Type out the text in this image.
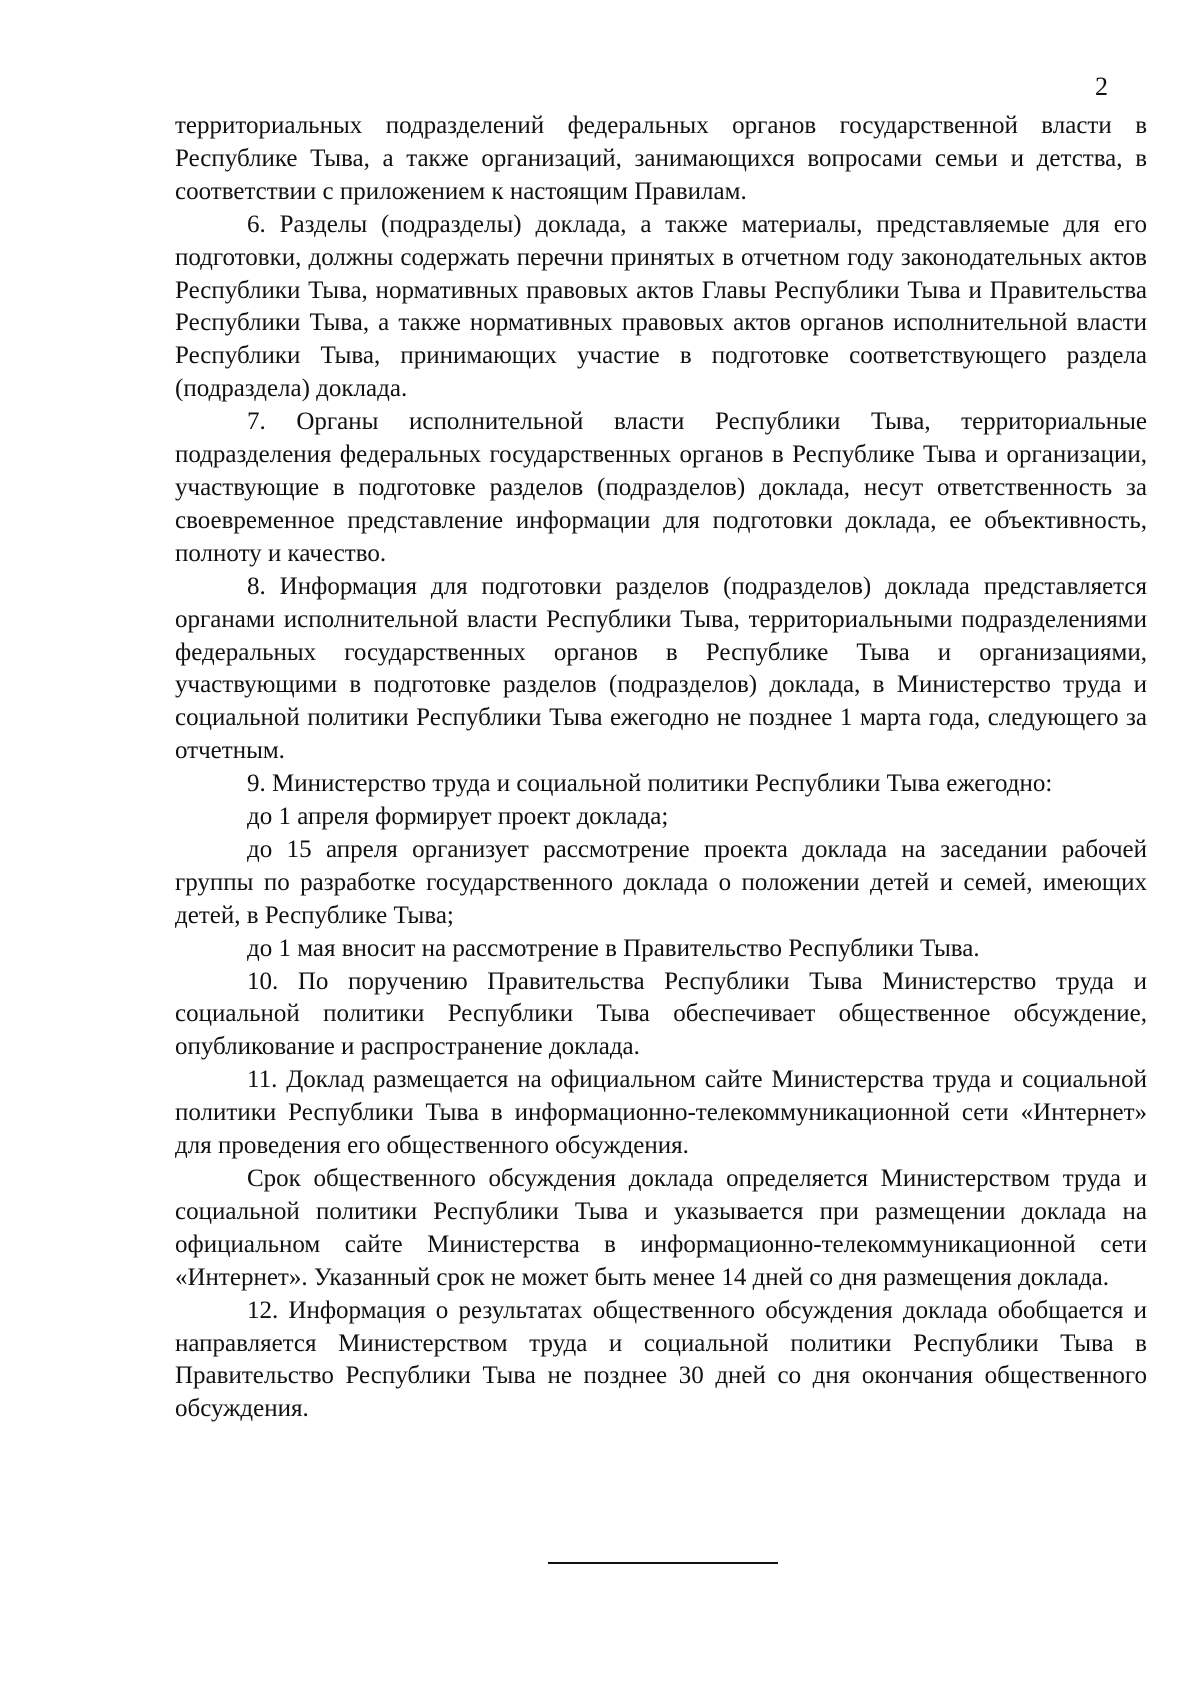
2

территориальных подразделений федеральных органов государственной власти в Республике Тыва, а также организаций, занимающихся вопросами семьи и детства, в соответствии с приложением к настоящим Правилам.

6. Разделы (подразделы) доклада, а также материалы, представляемые для его подготовки, должны содержать перечни принятых в отчетном году законодательных актов Республики Тыва, нормативных правовых актов Главы Республики Тыва и Правительства Республики Тыва, а также нормативных правовых актов органов исполнительной власти Республики Тыва, принимающих участие в подготовке соответствующего раздела (подраздела) доклада.

7. Органы исполнительной власти Республики Тыва, территориальные подразделения федеральных государственных органов в Республике Тыва и организации, участвующие в подготовке разделов (подразделов) доклада, несут ответственность за своевременное представление информации для подготовки доклада, ее объективность, полноту и качество.

8. Информация для подготовки разделов (подразделов) доклада представляется органами исполнительной власти Республики Тыва, территориальными подразделениями федеральных государственных органов в Республике Тыва и организациями, участвующими в подготовке разделов (подразделов) доклада, в Министерство труда и социальной политики Республики Тыва ежегодно не позднее 1 марта года, следующего за отчетным.

9. Министерство труда и социальной политики Республики Тыва ежегодно:

до 1 апреля формирует проект доклада;

до 15 апреля организует рассмотрение проекта доклада на заседании рабочей группы по разработке государственного доклада о положении детей и семей, имеющих детей, в Республике Тыва;

до 1 мая вносит на рассмотрение в Правительство Республики Тыва.

10. По поручению Правительства Республики Тыва Министерство труда и социальной политики Республики Тыва обеспечивает общественное обсуждение, опубликование и распространение доклада.

11. Доклад размещается на официальном сайте Министерства труда и социальной политики Республики Тыва в информационно-телекоммуникационной сети «Интернет» для проведения его общественного обсуждения.

Срок общественного обсуждения доклада определяется Министерством труда и социальной политики Республики Тыва и указывается при размещении доклада на официальном сайте Министерства в информационно-телекоммуникационной сети «Интернет». Указанный срок не может быть менее 14 дней со дня размещения доклада.

12. Информация о результатах общественного обсуждения доклада обобщается и направляется Министерством труда и социальной политики Республики Тыва в Правительство Республики Тыва не позднее 30 дней со дня окончания общественного обсуждения.
